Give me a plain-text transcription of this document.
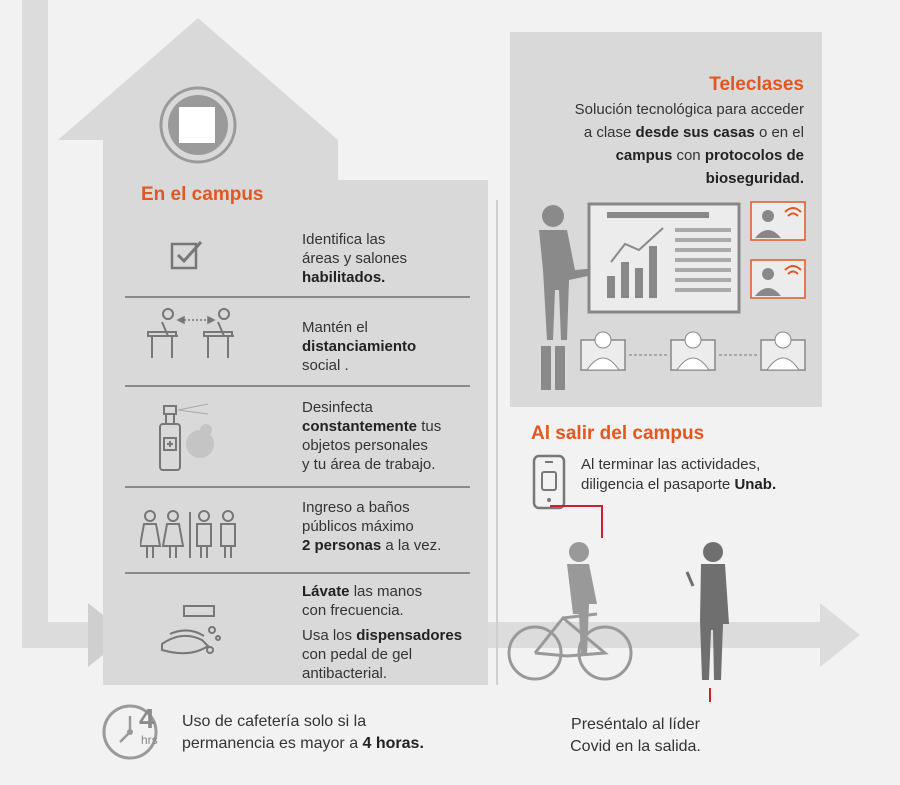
En el campus
Identifica las
áreas y salones
habilitados.
Mantén el
distanciamiento
social .
Desinfecta
constantemente tus
objetos personales
y tu área de trabajo.
Ingreso a baños
públicos máximo
2 personas a la vez.
Lávate las manos
con frecuencia.
Usa los dispensadores
con pedal de gel
antibacterial.
Teleclases
Solución tecnológica para acceder
a clase desde sus casas o en el
campus con protocolos de
bioseguridad.
Al salir del campus
Al terminar las actividades,
diligencia el pasaporte Unab.
Preséntalo al líder
Covid en la salida.
4
hrs
Uso de cafetería solo si la
permanencia es mayor a 4 horas.
